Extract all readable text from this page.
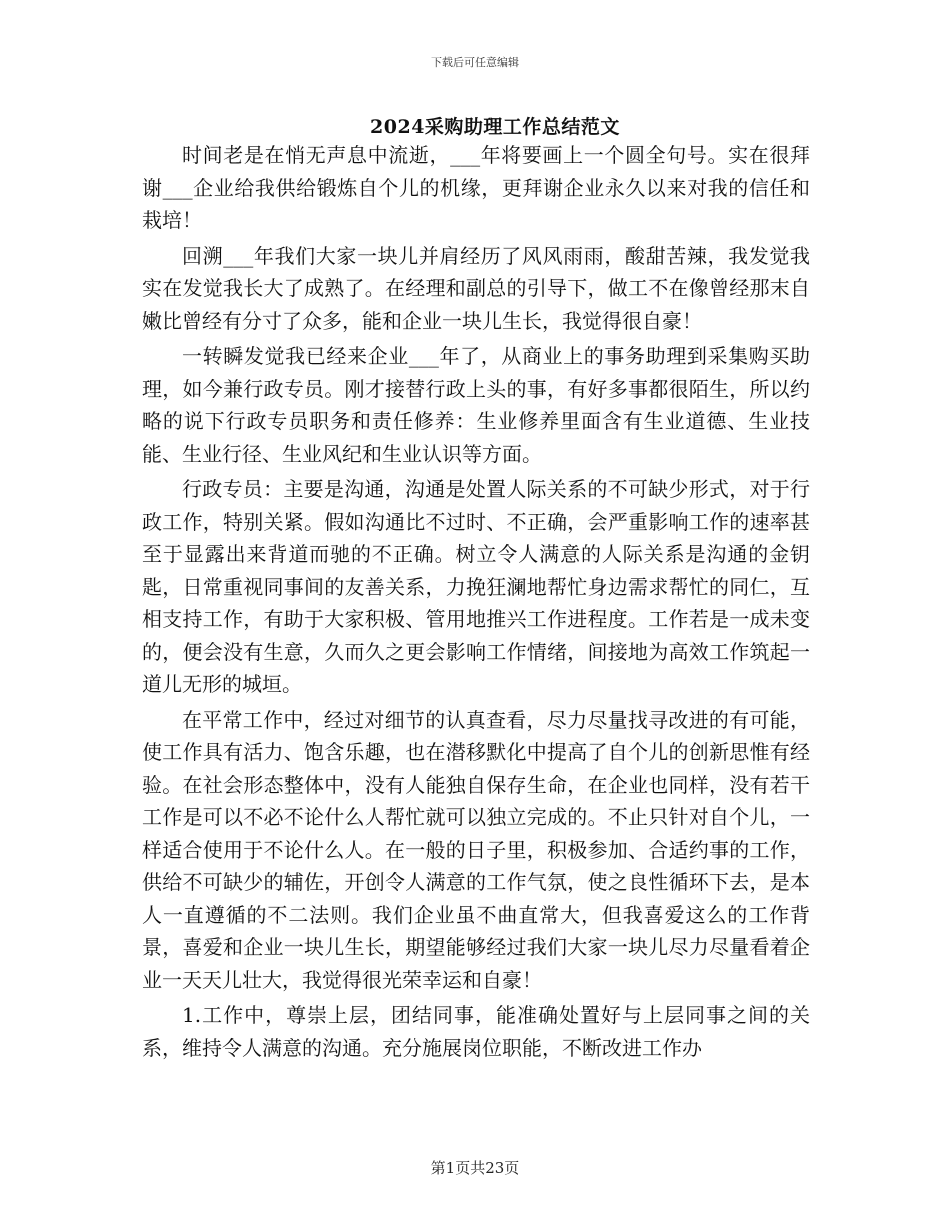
下载后可任意编辑
2024采购助理工作总结范文

时间老是在悄无声息中流逝，___年将要画上一个圆全句号。实在很拜谢___企业给我供给锻炼自个儿的机缘，更拜谢企业永久以来对我的信任和栽培！

回溯___年我们大家一块儿并肩经历了风风雨雨，酸甜苦辣，我发觉我实在发觉我长大了成熟了。在经理和副总的引导下，做工不在像曾经那末自嫩比曾经有分寸了众多，能和企业一块儿生长，我觉得很自豪！

一转瞬发觉我已经来企业___年了，从商业上的事务助理到采集购买助理，如今兼行政专员。刚才接替行政上头的事，有好多事都很陌生，所以约略的说下行政专员职务和责任修养：生业修养里面含有生业道德、生业技能、生业行径、生业风纪和生业认识等方面。

行政专员：主要是沟通，沟通是处置人际关系的不可缺少形式，对于行政工作，特别关紧。假如沟通比不过时、不正确，会严重影响工作的速率甚至于显露出来背道而驰的不正确。树立令人满意的人际关系是沟通的金钥匙，日常重视同事间的友善关系，力挽狂澜地帮忙身边需求帮忙的同仁，互相支持工作，有助于大家积极、管用地推兴工作进程度。工作若是一成未变的，便会没有生意，久而久之更会影响工作情绪，间接地为高效工作筑起一道儿无形的城垣。

在平常工作中，经过对细节的认真查看，尽力尽量找寻改进的有可能，使工作具有活力、饱含乐趣，也在潜移默化中提高了自个儿的创新思惟有经验。在社会形态整体中，没有人能独自保存生命，在企业也同样，没有若干工作是可以不必不论什么人帮忙就可以独立完成的。不止只针对自个儿，一样适合使用于不论什么人。在一般的日子里，积极参加、合适约事的工作，供给不可缺少的辅佐，开创令人满意的工作气氛，使之良性循环下去，是本人一直遵循的不二法则。我们企业虽不曲直常大，但我喜爱这么的工作背景，喜爱和企业一块儿生长，期望能够经过我们大家一块儿尽力尽量看着企业一天天儿壮大，我觉得很光荣幸运和自豪！

1.工作中，尊崇上层，团结同事，能准确处置好与上层同事之间的关系，维持令人满意的沟通。充分施展岗位职能，不断改进工作办

第1页共23页
